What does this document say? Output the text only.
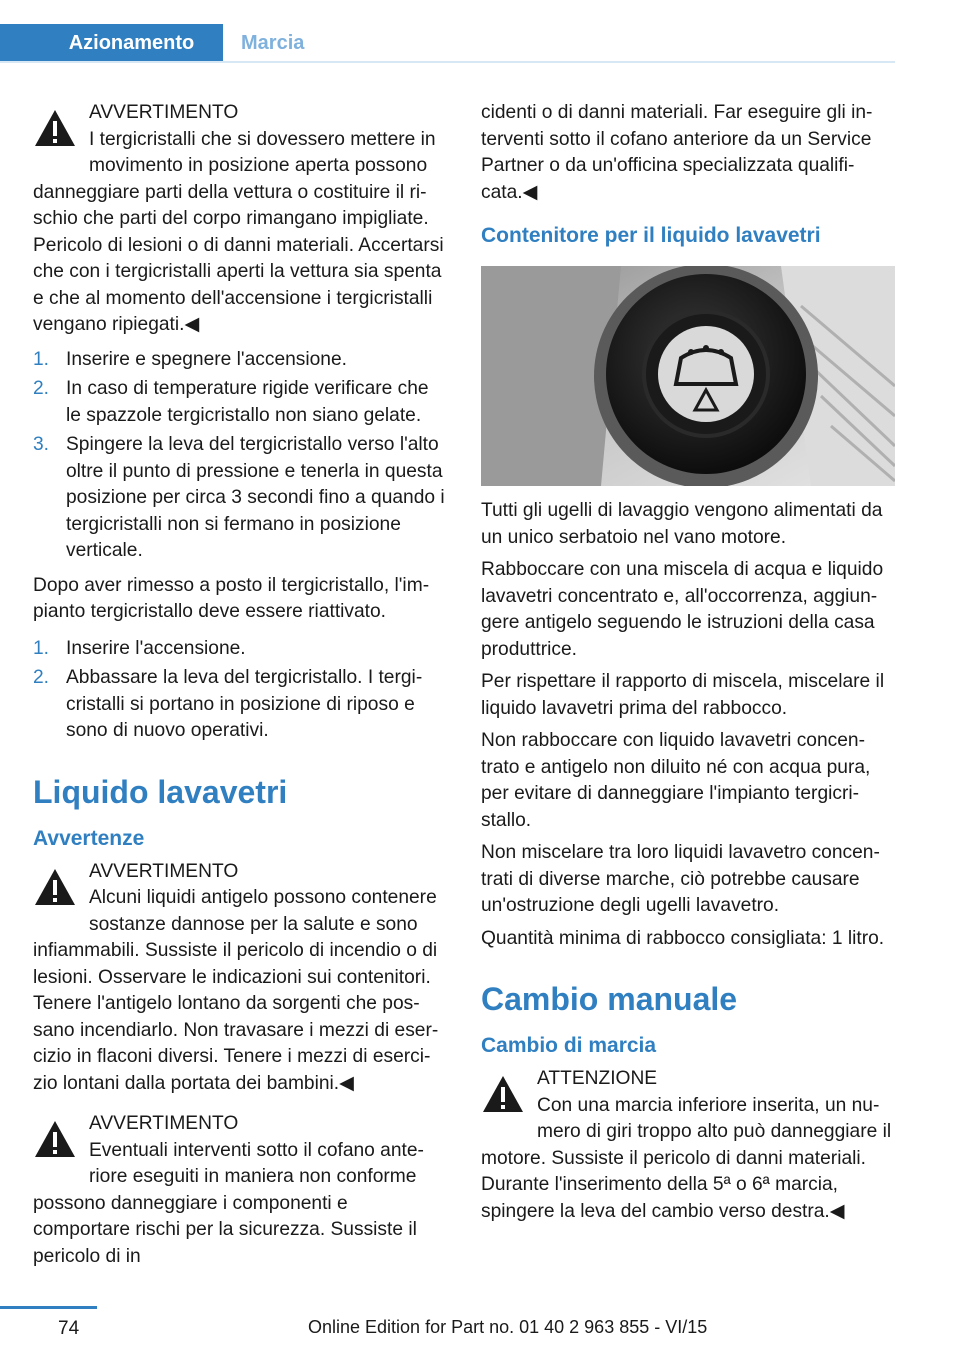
Azionamento	Marcia
AVVERTIMENTO
I tergicristalli che si dovessero mettere in movimento in posizione aperta possono danneggiare parti della vettura o costituire il rischio che parti del corpo rimangano impigliate. Pericolo di lesioni o di danni materiali. Accertarsi che con i tergicristalli aperti la vettura sia spenta e che al momento dell'accensione i tergicristalli vengano ripiegati.◀
1. Inserire e spegnere l'accensione.
2. In caso di temperature rigide verificare che le spazzole tergicristallo non siano gelate.
3. Spingere la leva del tergicristallo verso l'alto oltre il punto di pressione e tenerla in questa posizione per circa 3 secondi fino a quando i tergicristalli non si fermano in posizione verticale.

Dopo aver rimesso a posto il tergicristallo, l'impianto tergicristallo deve essere riattivato.

1. Inserire l'accensione.
2. Abbassare la leva del tergicristallo. I tergicristalli si portano in posizione di riposo e sono di nuovo operativi.
Liquido lavavetri
Avvertenze
AVVERTIMENTO
Alcuni liquidi antigelo possono contenere sostanze dannose per la salute e sono infiammabili. Sussiste il pericolo di incendio o di lesioni. Osservare le indicazioni sui contenitori. Tenere l'antigelo lontano da sorgenti che possano incendiarlo. Non travasare i mezzi di esercizio in flaconi diversi. Tenere i mezzi di esercizio lontani dalla portata dei bambini.◀
AVVERTIMENTO
Eventuali interventi sotto il cofano anteriore eseguiti in maniera non conforme possono danneggiare i componenti e comportare rischi per la sicurezza. Sussiste il pericolo di in

cidenti o di danni materiali. Far eseguire gli interventi sotto il cofano anteriore da un Service Partner o da un'officina specializzata qualificata.◀

Contenitore per il liquido lavavetri

Tutti gli ugelli di lavaggio vengono alimentati da un unico serbatoio nel vano motore.

Rabboccare con una miscela di acqua e liquido lavavetri concentrato e, all'occorrenza, aggiungere antigelo seguendo le istruzioni della casa produttrice.

Per rispettare il rapporto di miscela, miscelare il liquido lavavetri prima del rabbocco.

Non rabboccare con liquido lavavetri concentrato e antigelo non diluito né con acqua pura, per evitare di danneggiare l'impianto tergicristallo.

Non miscelare tra loro liquidi lavavetro concentrati di diverse marche, ciò potrebbe causare un'ostruzione degli ugelli lavavetro.

Quantità minima di rabbocco consigliata: 1 litro.

Cambio manuale
Cambio di marcia
ATTENZIONE
Con una marcia inferiore inserita, un numero di giri troppo alto può danneggiare il motore. Sussiste il pericolo di danni materiali. Durante l'inserimento della 5ª o 6ª marcia, spingere la leva del cambio verso destra.◀
74	Online Edition for Part no. 01 40 2 963 855 - VI/15
